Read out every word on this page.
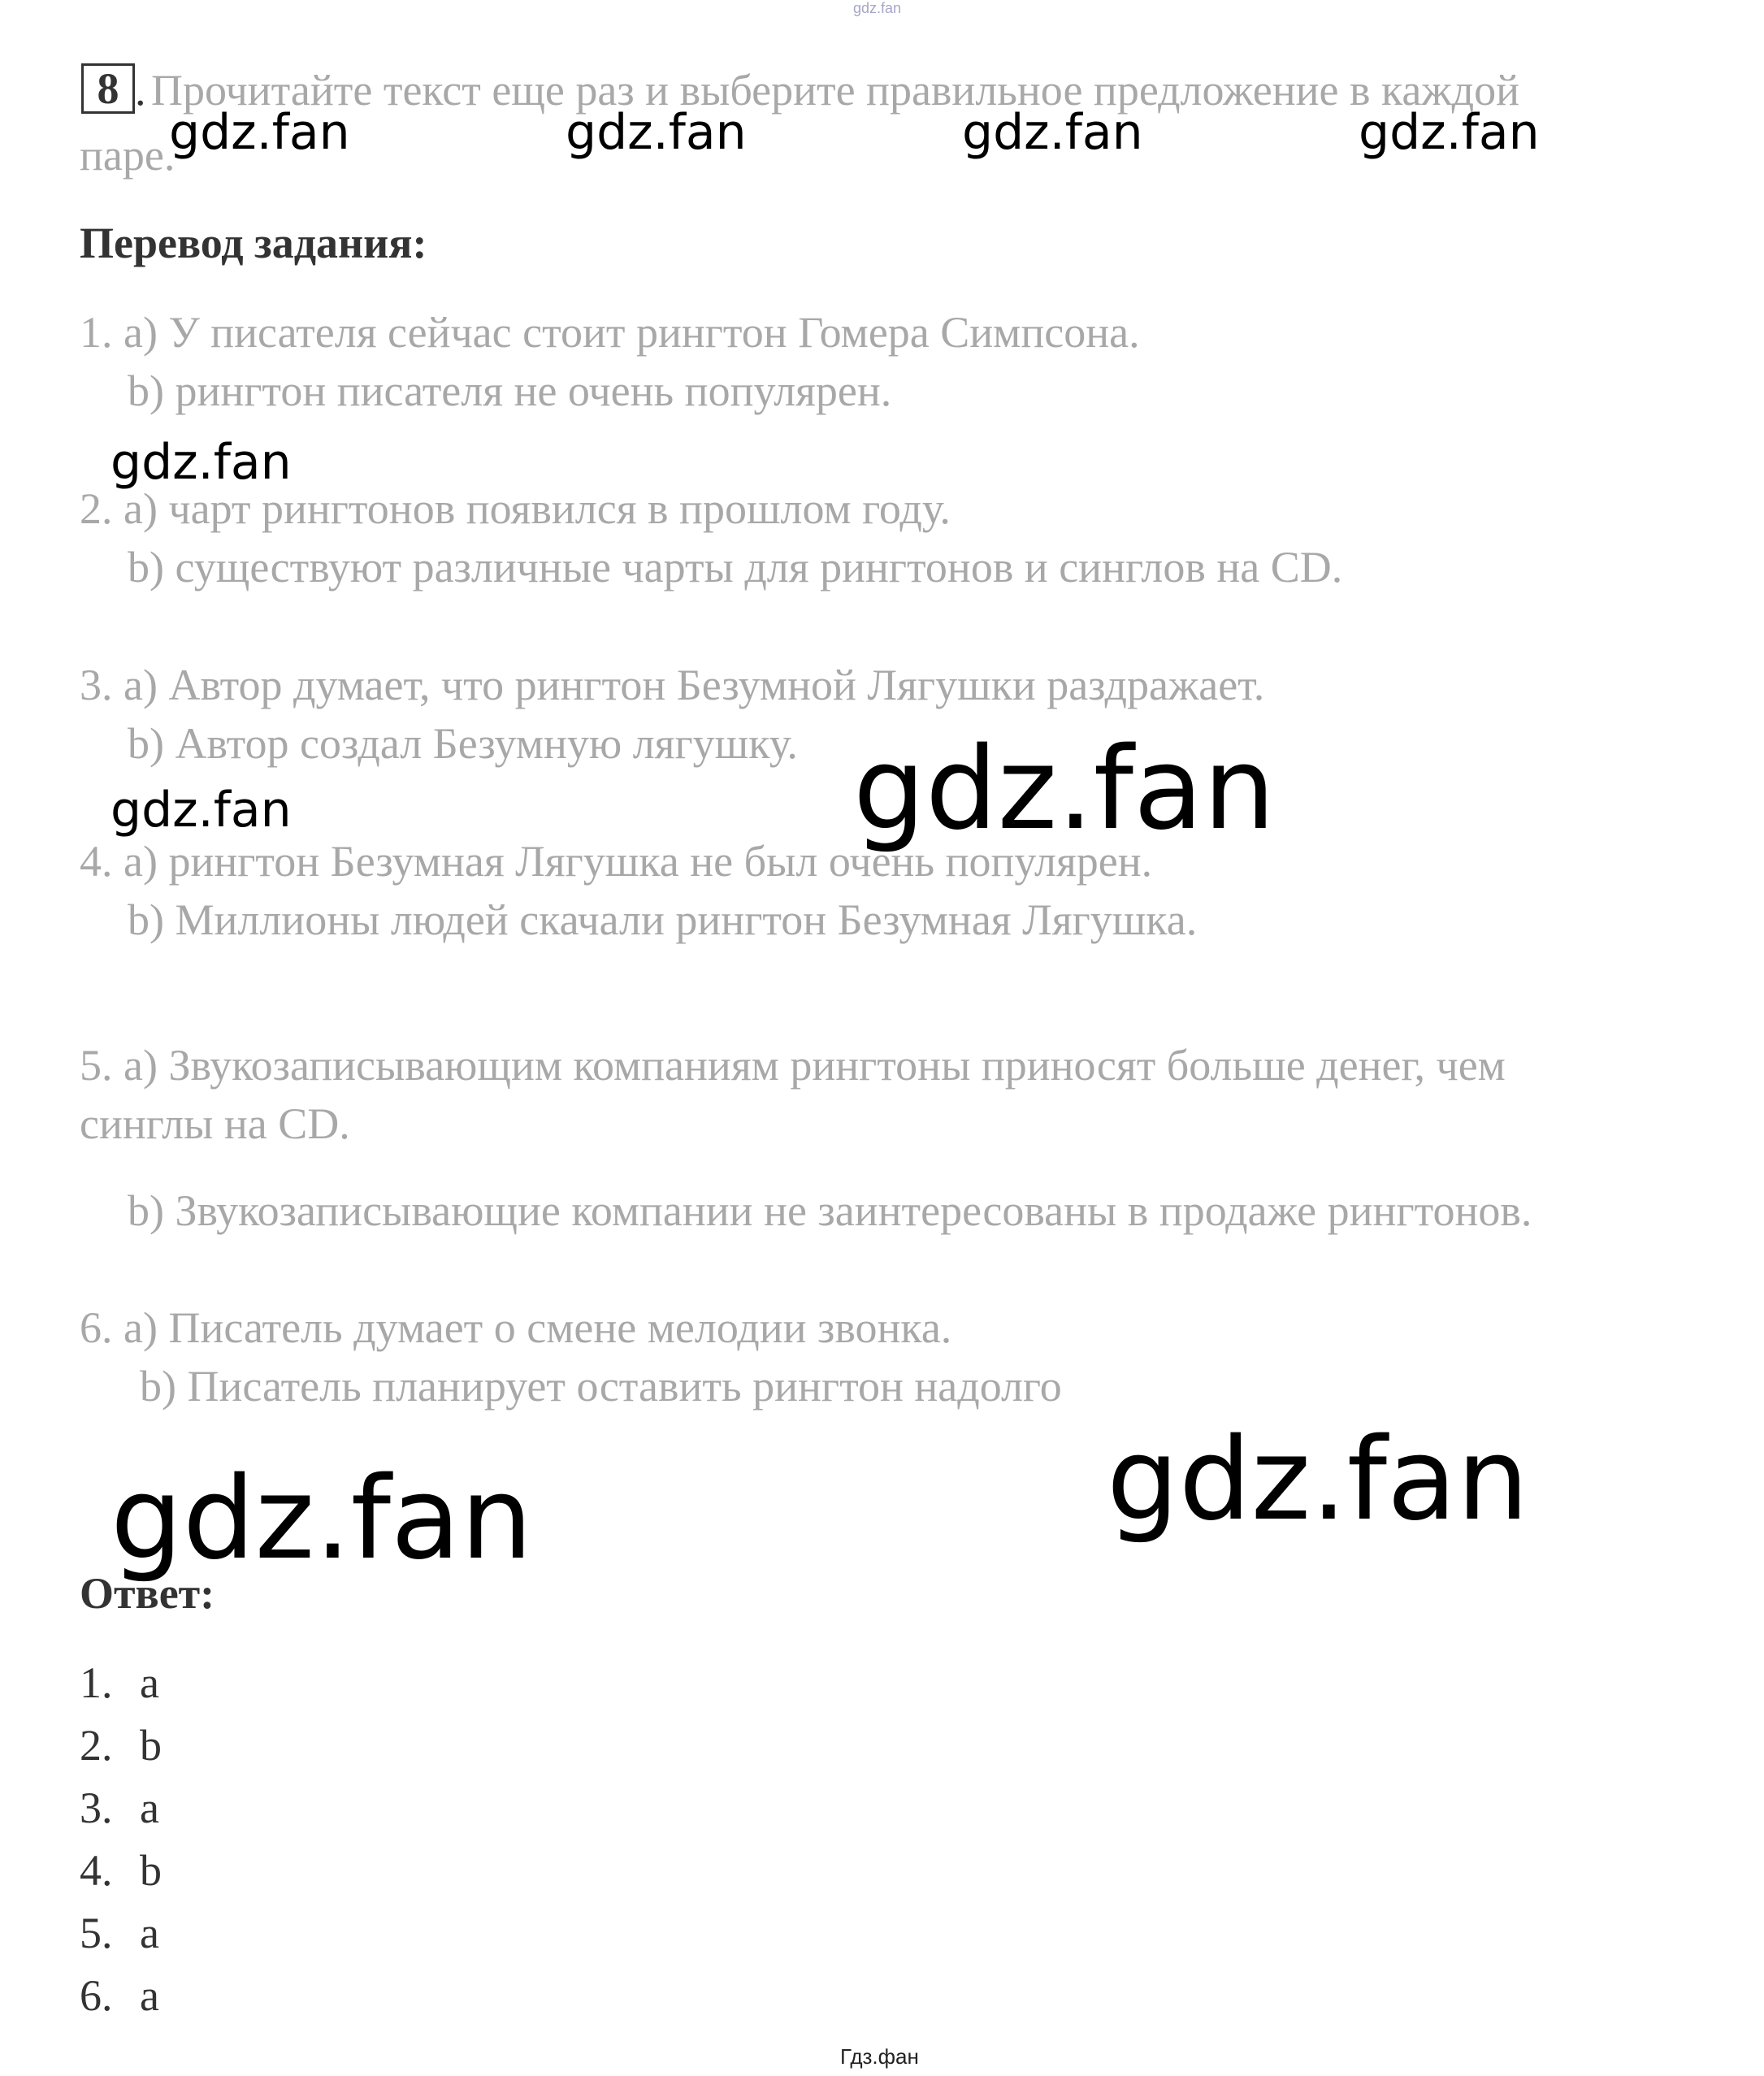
gdz.fan
8 . Прочитайте текст еще раз и выберите правильное предложение в каждой
паре.
Перевод задания:
1. a) У писателя сейчас стоит рингтон Гомера Симпсона.
b) рингтон писателя не очень популярен.
2. a) чарт рингтонов появился в прошлом году.
b) существуют различные чарты для рингтонов и синглов на CD.
3. a) Автор думает, что рингтон Безумной Лягушки раздражает.
b) Автор создал Безумную лягушку.
4. a) рингтон Безумная Лягушка не был очень популярен.
b) Миллионы людей скачали рингтон Безумная Лягушка.
5. a) Звукозаписывающим компаниям рингтоны приносят больше денег, чем
синглы на CD.
b) Звукозаписывающие компании не заинтересованы в продаже рингтонов.
6. a) Писатель думает о смене мелодии звонка.
b) Писатель планирует оставить рингтон надолго
Ответ:
1. a
2. b
3. a
4. b
5. a
6. a
gdz.fan	gdz.fan	gdz.fan	gdz.fan
gdz.fan
gdz.fan	gdz.fan
gdz.fan	gdz.fan
Гдз.фан
